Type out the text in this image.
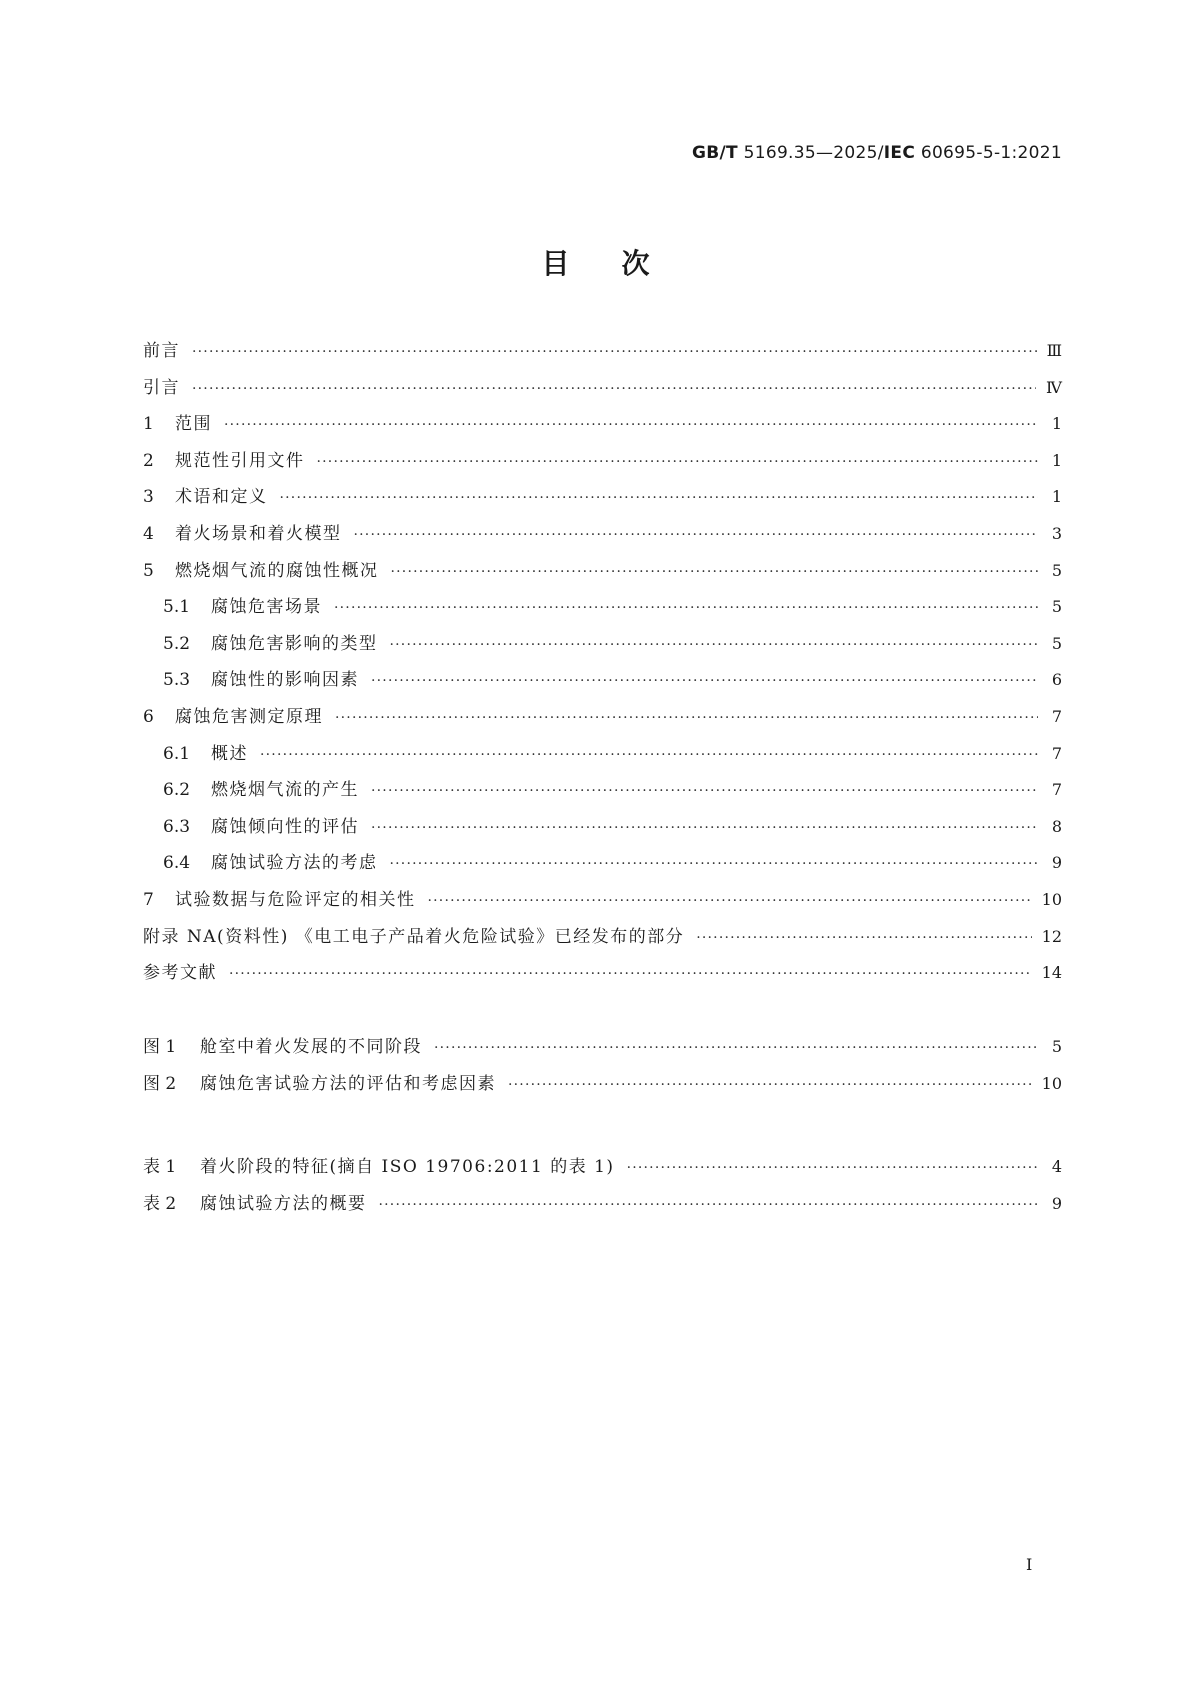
GB/T 5169.35—2025/IEC 60695-5-1:2021
目次
前言 ·····	Ⅲ
引言 ·····	Ⅳ
1	范围 ·····	1
2	规范性引用文件 ·····	1
3	术语和定义 ·····	1
4	着火场景和着火模型 ·····	3
5	燃烧烟气流的腐蚀性概况 ·····	5
5.1	腐蚀危害场景 ·····	5
5.2	腐蚀危害影响的类型 ·····	5
5.3	腐蚀性的影响因素 ·····	6
6	腐蚀危害测定原理 ·····	7
6.1	概述 ·····	7
6.2	燃烧烟气流的产生 ·····	7
6.3	腐蚀倾向性的评估 ·····	8
6.4	腐蚀试验方法的考虑 ·····	9
7	试验数据与危险评定的相关性 ·····	10
附录 NA(资料性) 《电工电子产品着火危险试验》已经发布的部分 ·····	12
参考文献 ·····	14
图 1	舱室中着火发展的不同阶段 ·····	5
图 2	腐蚀危害试验方法的评估和考虑因素 ·····	10
表 1	着火阶段的特征(摘自 ISO 19706:2011 的表 1) ·····	4
表 2	腐蚀试验方法的概要 ·····	9
I
